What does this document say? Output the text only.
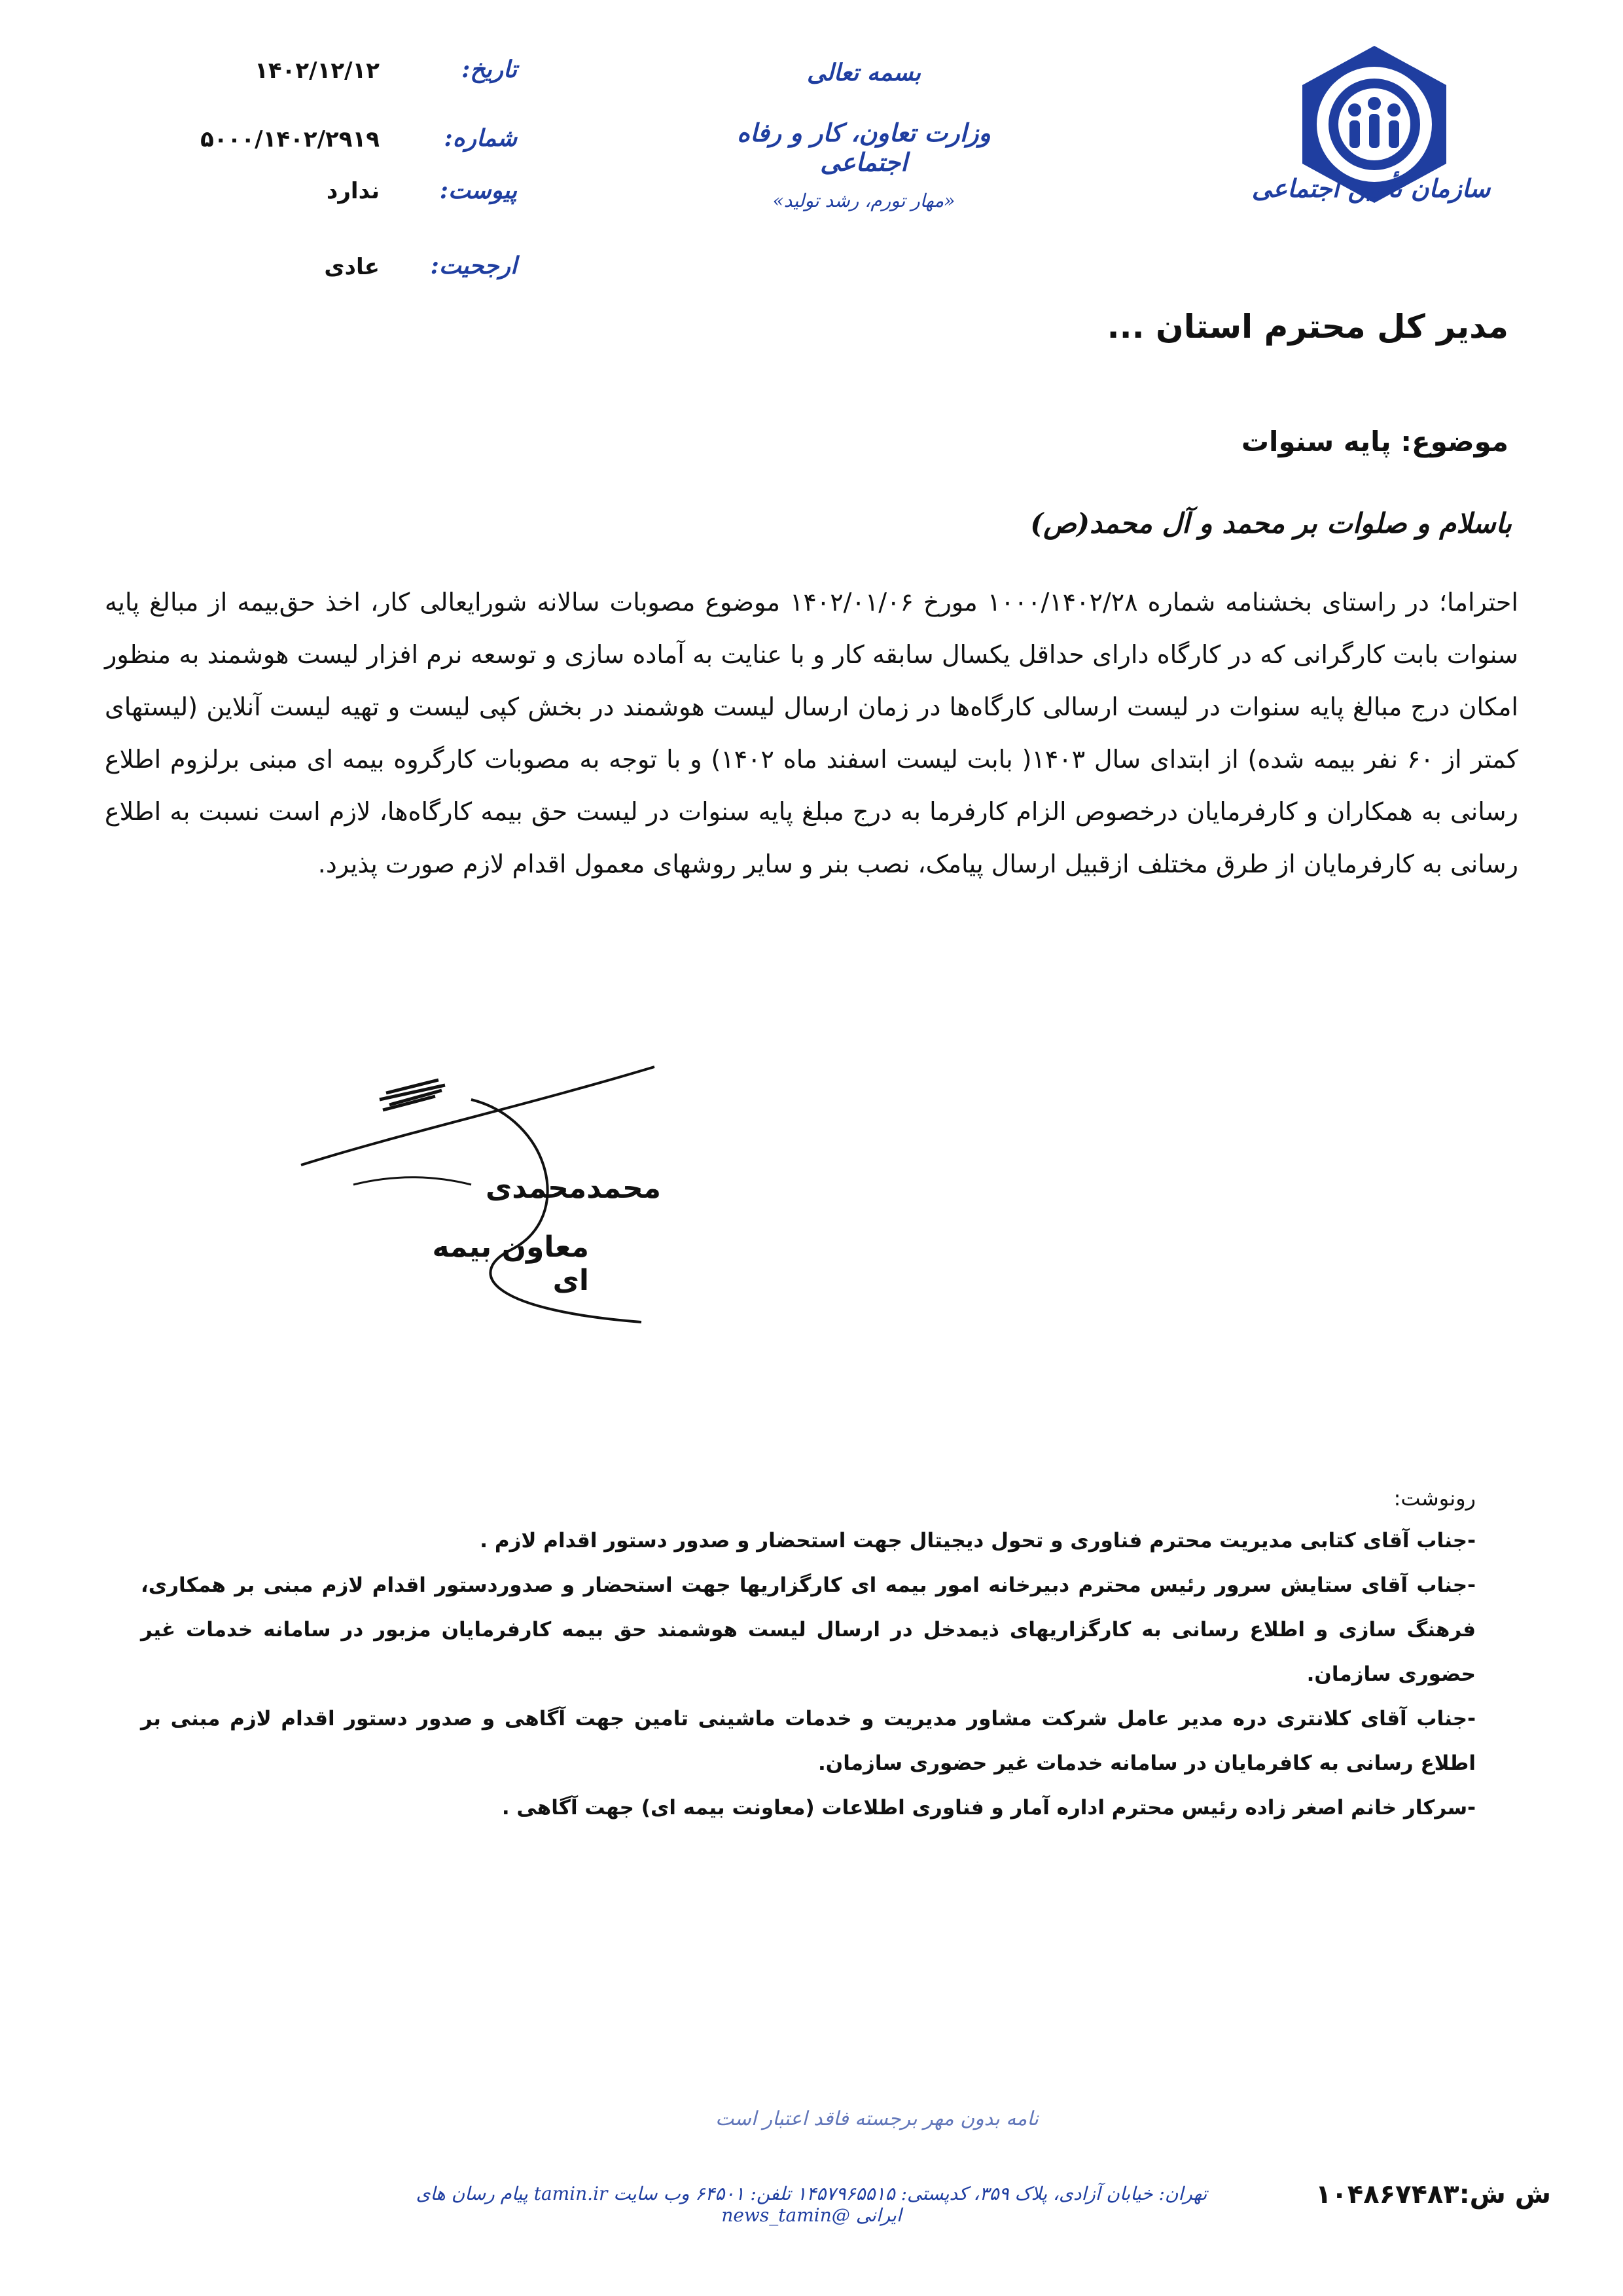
سازمان تأمین اجتماعی
بسمه تعالی
وزارت تعاون، کار و رفاه اجتماعی
«مهار تورم، رشد تولید»
تاریخ:
۱۴۰۲/۱۲/۱۲
شماره:
۵۰۰۰/۱۴۰۲/۲۹۱۹
پیوست:
ندارد
ارجحیت:
عادی
مدیر کل محترم استان ...
موضوع: پایه سنوات
باسلام و صلوات بر محمد و آل محمد(ص)
احتراما؛ در راستای بخشنامه شماره ۱۰۰۰/۱۴۰۲/۲۸ مورخ ۱۴۰۲/۰۱/۰۶ موضوع مصوبات سالانه شورایعالی کار، اخذ حق‌بیمه از مبالغ پایه سنوات بابت کارگرانی که در کارگاه دارای حداقل یکسال سابقه کار و با عنایت به آماده سازی و توسعه نرم افزار لیست هوشمند به منظور امکان درج مبالغ پایه سنوات در لیست ارسالی کارگاه‌ها در زمان ارسال لیست هوشمند در بخش کپی لیست و تهیه لیست آنلاین (لیستهای کمتر از ۶۰ نفر بیمه شده) از ابتدای سال ۱۴۰۳( بابت لیست اسفند ماه ۱۴۰۲) و با توجه به مصوبات کارگروه بیمه ای مبنی برلزوم اطلاع رسانی به همکاران و کارفرمایان درخصوص الزام کارفرما به درج مبلغ پایه سنوات در لیست حق بیمه کارگاه‌ها، لازم است نسبت به اطلاع رسانی به کارفرمایان از طرق مختلف ازقبیل ارسال پیامک، نصب بنر و سایر روشهای معمول اقدام لازم صورت پذیرد.
محمدمحمدی
معاون بیمه ای
رونوشت:
-جناب آقای کتابی مدیریت محترم فناوری و تحول دیجیتال جهت استحضار و صدور دستور اقدام لازم .
-جناب آقای ستایش سرور رئیس محترم دبیرخانه امور بیمه ای کارگزاریها جهت استحضار و صدوردستور اقدام لازم مبنی بر همکاری، فرهنگ سازی و اطلاع رسانی به کارگزاریهای ذیمدخل در ارسال لیست هوشمند حق بیمه کارفرمایان مزبور در سامانه خدمات غیر حضوری سازمان.
-جناب آقای کلانتری دره مدیر عامل شرکت مشاور مدیریت و خدمات ماشینی تامین جهت آگاهی و صدور دستور اقدام لازم مبنی بر اطلاع رسانی به کافرمایان در سامانه خدمات غیر حضوری سازمان.
-سرکار خانم اصغر زاده رئیس محترم اداره آمار و فناوری اطلاعات (معاونت بیمه ای) جهت آگاهی .
نامه بدون مهر برجسته فاقد اعتبار است
ش ش:۱۰۴۸۶۷۴۸۳
تهران: خیابان آزادی، پلاک ۳۵۹، کدپستی: ۱۴۵۷۹۶۵۵۱۵ تلفن: ۶۴۵۰۱ وب سایت tamin.ir پیام رسان های ایرانی @news_tamin
